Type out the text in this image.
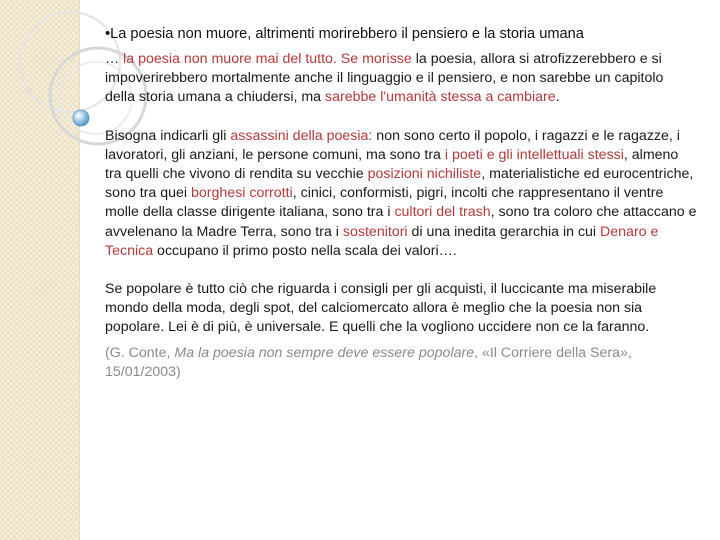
•La poesia non muore, altrimenti morirebbero il pensiero e la storia umana

… la poesia non muore mai del tutto. Se morisse la poesia, allora si atrofizzerebbero e si impoverirebbero mortalmente anche il linguaggio e il pensiero, e non sarebbe un capitolo della storia umana a chiudersi, ma sarebbe l'umanità stessa a cambiare.

Bisogna indicarli gli assassini della poesia: non sono certo il popolo, i ragazzi e le ragazze, i lavoratori, gli anziani, le persone comuni, ma sono tra i poeti e gli intellettuali stessi, almeno tra quelli che vivono di rendita su vecchie posizioni nichiliste, materialistiche ed eurocentriche, sono tra quei borghesi corrotti, cinici, conformisti, pigri, incolti che rappresentano il ventre molle della classe dirigente italiana, sono tra i cultori del trash, sono tra coloro che attaccano e avvelenano la Madre Terra, sono tra i sostenitori di una inedita gerarchia in cui Denaro e Tecnica occupano il primo posto nella scala dei valori….

Se popolare è tutto ciò che riguarda i consigli per gli acquisti, il luccicante ma miserabile mondo della moda, degli spot, del calciomercato allora è meglio che la poesia non sia popolare. Lei è di più, è universale. E quelli che la vogliono uccidere non ce la faranno.

(G. Conte, Ma la poesia non sempre deve essere popolare, «Il Corriere della Sera», 15/01/2003)
